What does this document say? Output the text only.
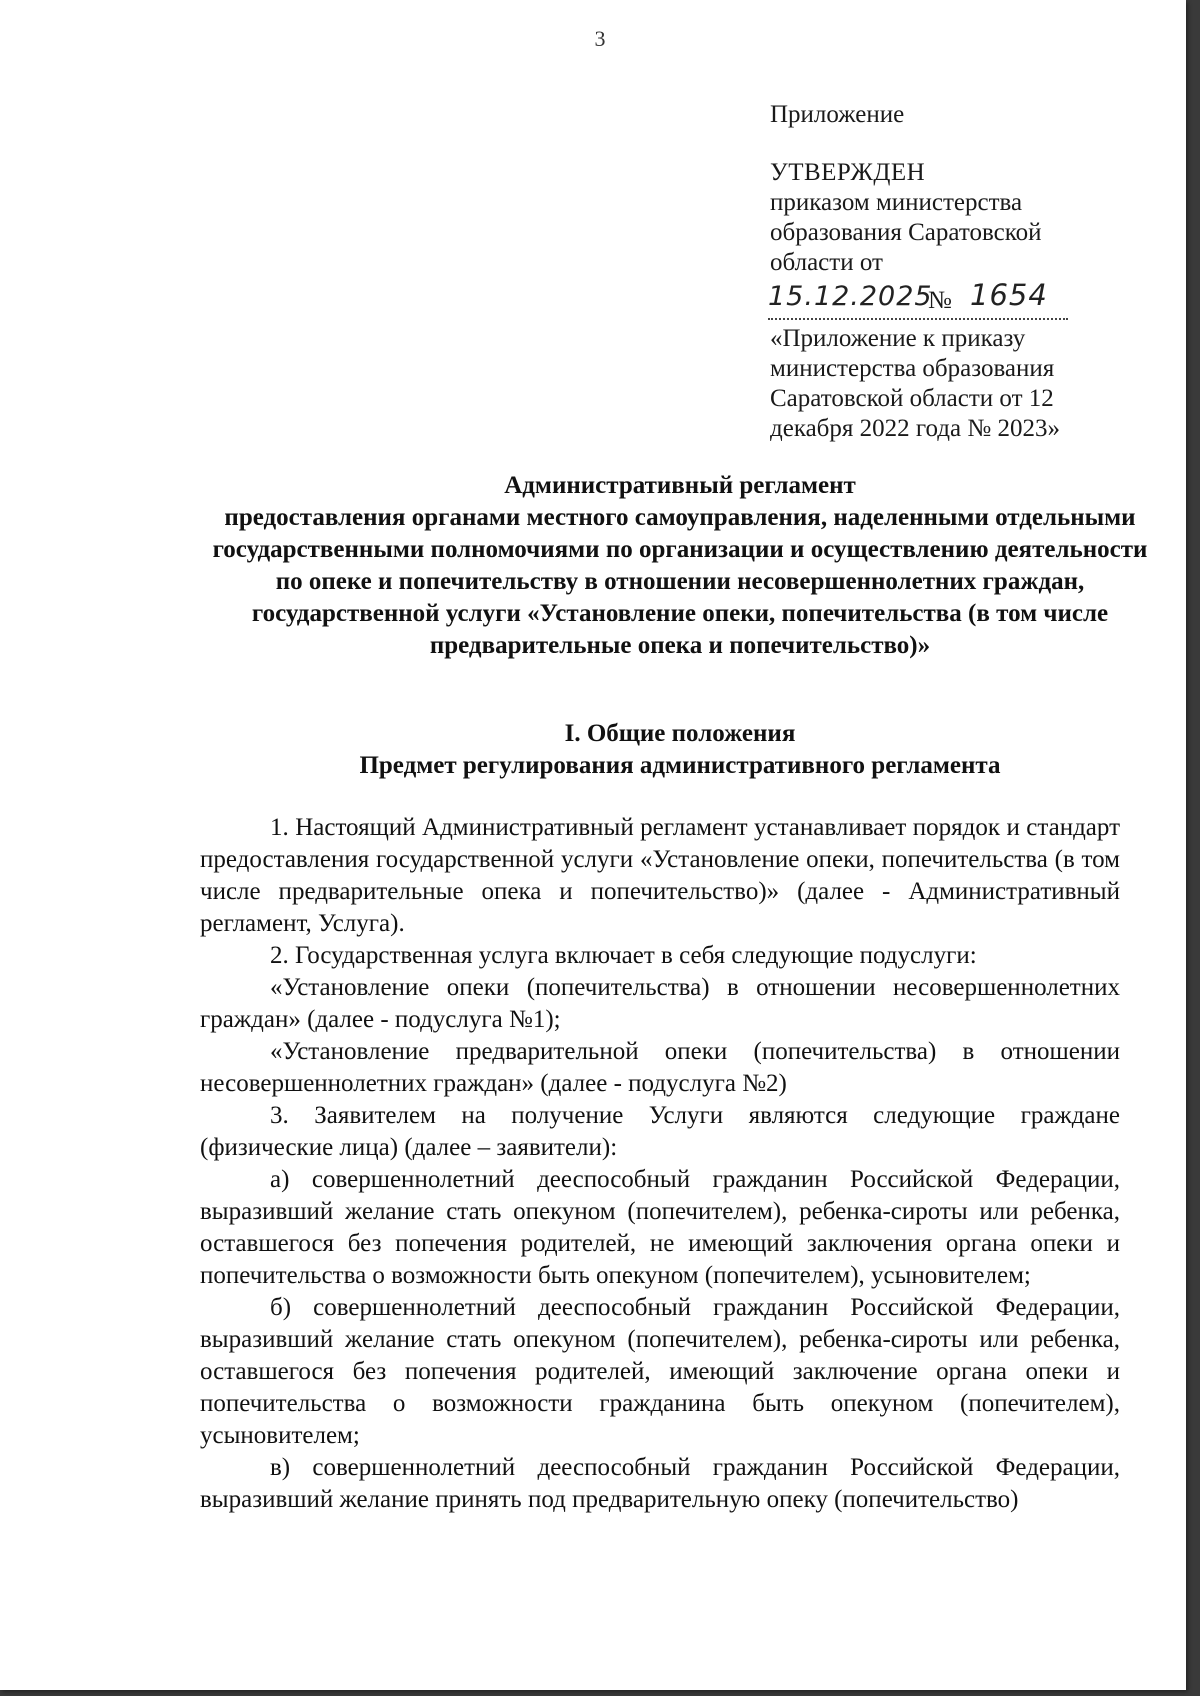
3
Приложение
УТВЕРЖДЕН
приказом министерства образования Саратовской области от
15.12.2025
№ 1654
«Приложение к приказу министерства образования Саратовской области от 12 декабря 2022 года № 2023»
Административный регламент
предоставления органами местного самоуправления, наделенными отдельными государственными полномочиями по организации и осуществлению деятельности по опеке и попечительству в отношении несовершеннолетних граждан, государственной услуги «Установление опеки, попечительства (в том числе предварительные опека и попечительство)»
I. Общие положения
Предмет регулирования административного регламента

1. Настоящий Административный регламент устанавливает порядок и стандарт предоставления государственной услуги «Установление опеки, попечительства (в том числе предварительные опека и попечительство)» (далее - Административный регламент, Услуга).

2. Государственная услуга включает в себя следующие подуслуги:

«Установление опеки (попечительства) в отношении несовершеннолетних граждан» (далее - подуслуга №1);

«Установление предварительной опеки (попечительства) в отношении несовершеннолетних граждан» (далее - подуслуга №2)

3. Заявителем на получение Услуги являются следующие граждане (физические лица) (далее – заявители):

а) совершеннолетний дееспособный гражданин Российской Федерации, выразивший желание стать опекуном (попечителем), ребенка-сироты или ребенка, оставшегося без попечения родителей, не имеющий заключения органа опеки и попечительства о возможности быть опекуном (попечителем), усыновителем;

б) совершеннолетний дееспособный гражданин Российской Федерации, выразивший желание стать опекуном (попечителем), ребенка-сироты или ребенка, оставшегося без попечения родителей, имеющий заключение органа опеки и попечительства о возможности гражданина быть опекуном (попечителем), усыновителем;

в) совершеннолетний дееспособный гражданин Российской Федерации, выразивший желание принять под предварительную опеку (попечительство)
